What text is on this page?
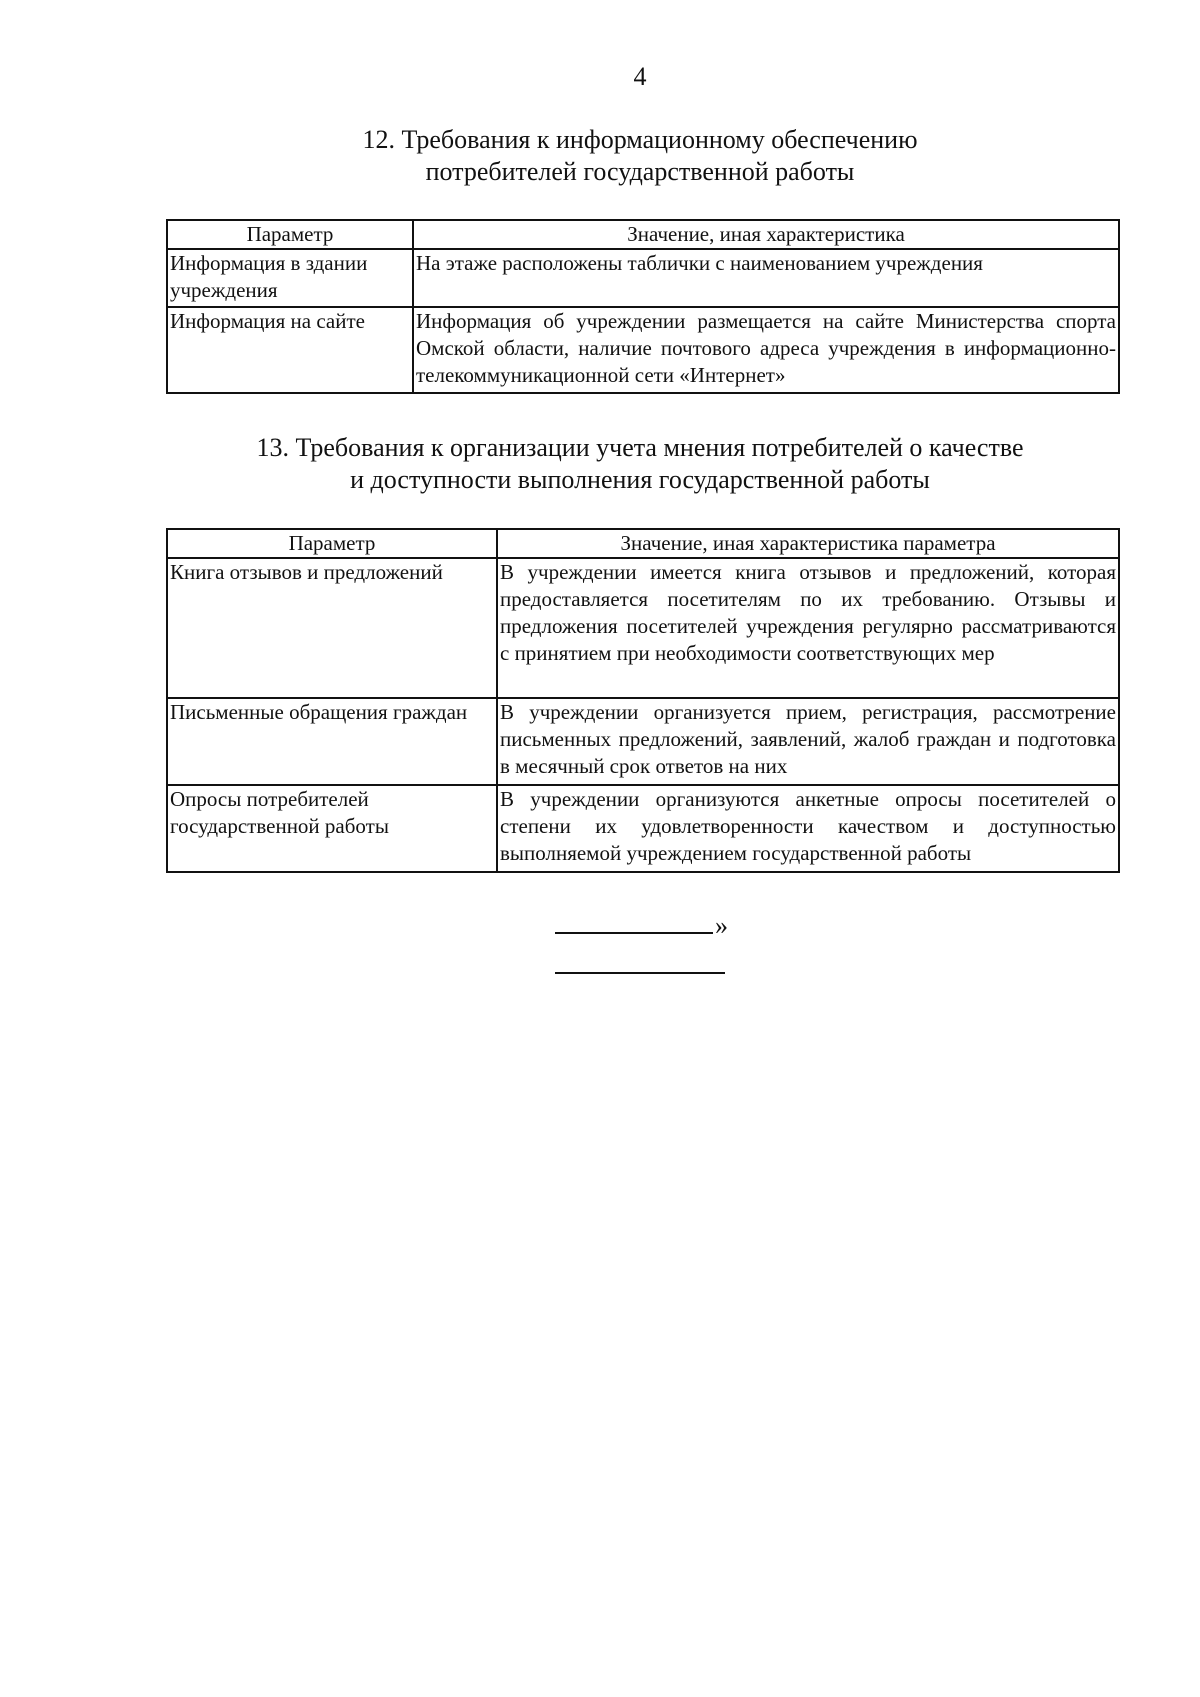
4
12. Требования к информационному обеспечению
потребителей государственной работы
Параметр	Значение, иная характеристика
Информация в здании учреждения	На этаже расположены таблички с наименованием учреждения
Информация на сайте	Информация об учреждении размещается на сайте Министерства спорта Омской области, наличие почтового адреса учреждения в информационно-телекоммуникационной сети «Интернет»
13. Требования к организации учета мнения потребителей о качестве
и доступности выполнения государственной работы
Параметр	Значение, иная характеристика параметра
Книга отзывов и предложений	В учреждении имеется книга отзывов и предложений, которая предоставляется посетителям по их требованию. Отзывы и предложения посетителей учреждения регулярно рассматриваются с принятием при необходимости соответствующих мер
Письменные обращения граждан	В учреждении организуется прием, регистрация, рассмотрение письменных предложений, заявлений, жалоб граждан и подготовка в месячный срок ответов на них
Опросы потребителей государственной работы	В учреждении организуются анкетные опросы посетителей о степени их удовлетворенности качеством и доступностью выполняемой учреждением государственной работы
»
